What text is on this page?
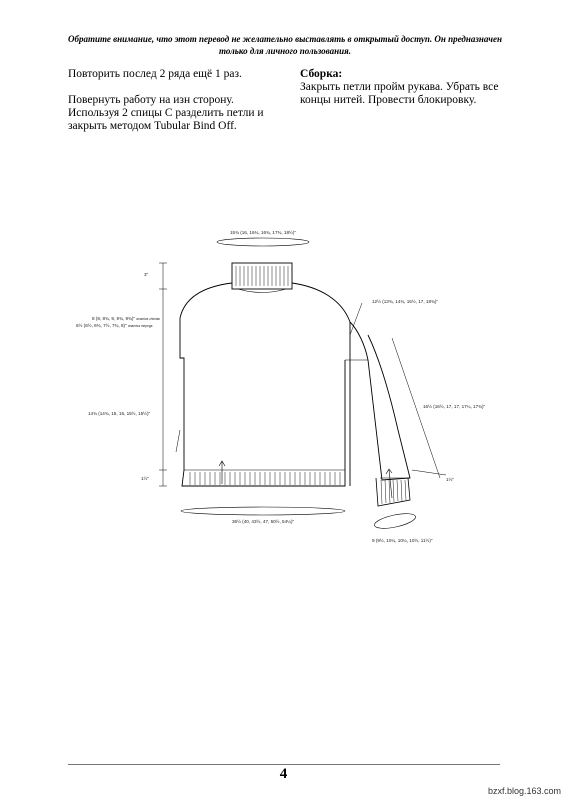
Обратите внимание, что этот перевод не желательно выставлять в открытый доступ. Он предназначен только для личного пользования.

Повторить послед 2 ряда ещё 1 раз.

Повернуть работу на изн сторону. Используя 2 спицы С разделить петли и закрыть методом Tubular Bind Off.

Сборка:
Закрыть петли пройм рукава. Убрать все концы нитей. Провести блокировку.
15¾ (16, 16¾, 16¾, 17¾, 18½)"
3"
8 (8, 8¾, 9, 9¾, 9¾)" anamiva chimian
6½ (6½, 6¾, 7½, 7¾, 8)" anamiva mepega
12½ (13¾, 14¾, 15½, 17, 18¾)"
14¾ (14¾, 15, 15, 15½, 15½)"
1½"
16½ (16½, 17, 17, 17¼, 17¾)"
1½"
36½ (40, 43½, 47, 50½, 54¼)"
9 (9½, 10¼, 10¼, 10½, 11½)"
4
bzxf.blog.163.com
